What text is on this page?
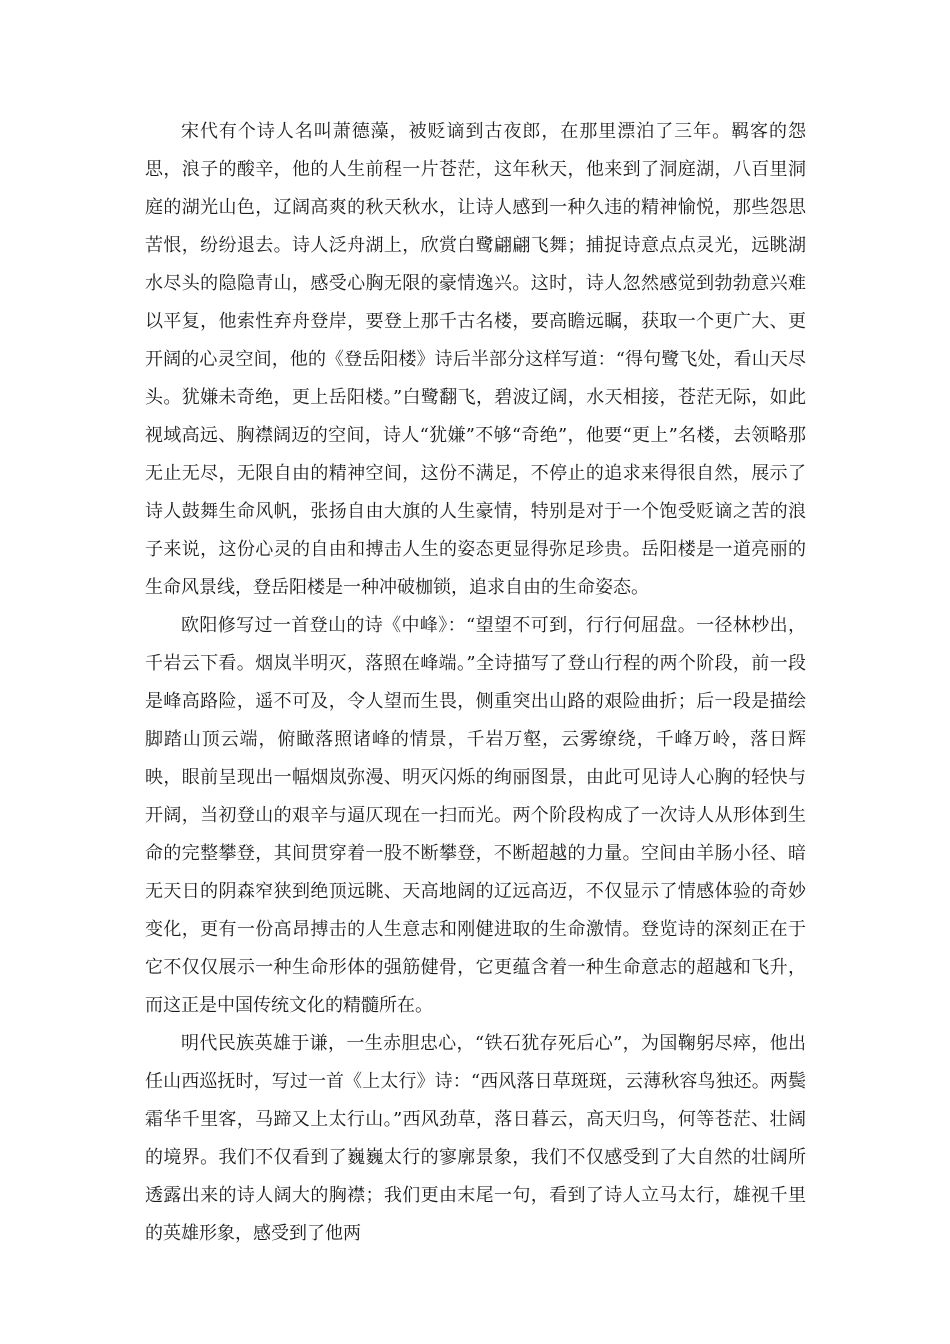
宋代有个诗人名叫萧德藻，被贬谪到古夜郎，在那里漂泊了三年。羁客的怨思，浪子的酸辛，他的人生前程一片苍茫，这年秋天，他来到了洞庭湖，八百里洞庭的湖光山色，辽阔高爽的秋天秋水，让诗人感到一种久违的精神愉悦，那些怨思苦恨，纷纷退去。诗人泛舟湖上，欣赏白鹭翩翩飞舞；捕捉诗意点点灵光，远眺湖水尽头的隐隐青山，感受心胸无限的豪情逸兴。这时，诗人忽然感觉到勃勃意兴难以平复，他索性弃舟登岸，要登上那千古名楼，要高瞻远瞩，获取一个更广大、更开阔的心灵空间，他的《登岳阳楼》诗后半部分这样写道：“得句鹭飞处，看山天尽头。犹嫌未奇绝，更上岳阳楼。”白鹭翻飞，碧波辽阔，水天相接，苍茫无际，如此视域高远、胸襟阔迈的空间，诗人“犹嫌”不够“奇绝”，他要“更上”名楼，去领略那无止无尽，无限自由的精神空间，这份不满足，不停止的追求来得很自然，展示了诗人鼓舞生命风帆，张扬自由大旗的人生豪情，特别是对于一个饱受贬谪之苦的浪子来说，这份心灵的自由和搏击人生的姿态更显得弥足珍贵。岳阳楼是一道亮丽的生命风景线，登岳阳楼是一种冲破枷锁，追求自由的生命姿态。

欧阳修写过一首登山的诗《中峰》：“望望不可到，行行何屈盘。一径林杪出，千岩云下看。烟岚半明灭，落照在峰端。”全诗描写了登山行程的两个阶段，前一段是峰高路险，遥不可及，令人望而生畏，侧重突出山路的艰险曲折；后一段是描绘脚踏山顶云端，俯瞰落照诸峰的情景，千岩万壑，云雾缭绕，千峰万岭，落日辉映，眼前呈现出一幅烟岚弥漫、明灭闪烁的绚丽图景，由此可见诗人心胸的轻快与开阔，当初登山的艰辛与逼仄现在一扫而光。两个阶段构成了一次诗人从形体到生命的完整攀登，其间贯穿着一股不断攀登，不断超越的力量。空间由羊肠小径、暗无天日的阴森窄狭到绝顶远眺、天高地阔的辽远高迈，不仅显示了情感体验的奇妙变化，更有一份高昂搏击的人生意志和刚健进取的生命激情。登览诗的深刻正在于它不仅仅展示一种生命形体的强筋健骨，它更蕴含着一种生命意志的超越和飞升，而这正是中国传统文化的精髓所在。

明代民族英雄于谦，一生赤胆忠心，“铁石犹存死后心”，为国鞠躬尽瘁，他出任山西巡抚时，写过一首《上太行》诗：“西风落日草斑斑，云薄秋容鸟独还。两鬓霜华千里客，马蹄又上太行山。”西风劲草，落日暮云，高天归鸟，何等苍茫、壮阔的境界。我们不仅看到了巍巍太行的寥廓景象，我们不仅感受到了大自然的壮阔所透露出来的诗人阔大的胸襟；我们更由末尾一句，看到了诗人立马太行，雄视千里的英雄形象，感受到了他两
